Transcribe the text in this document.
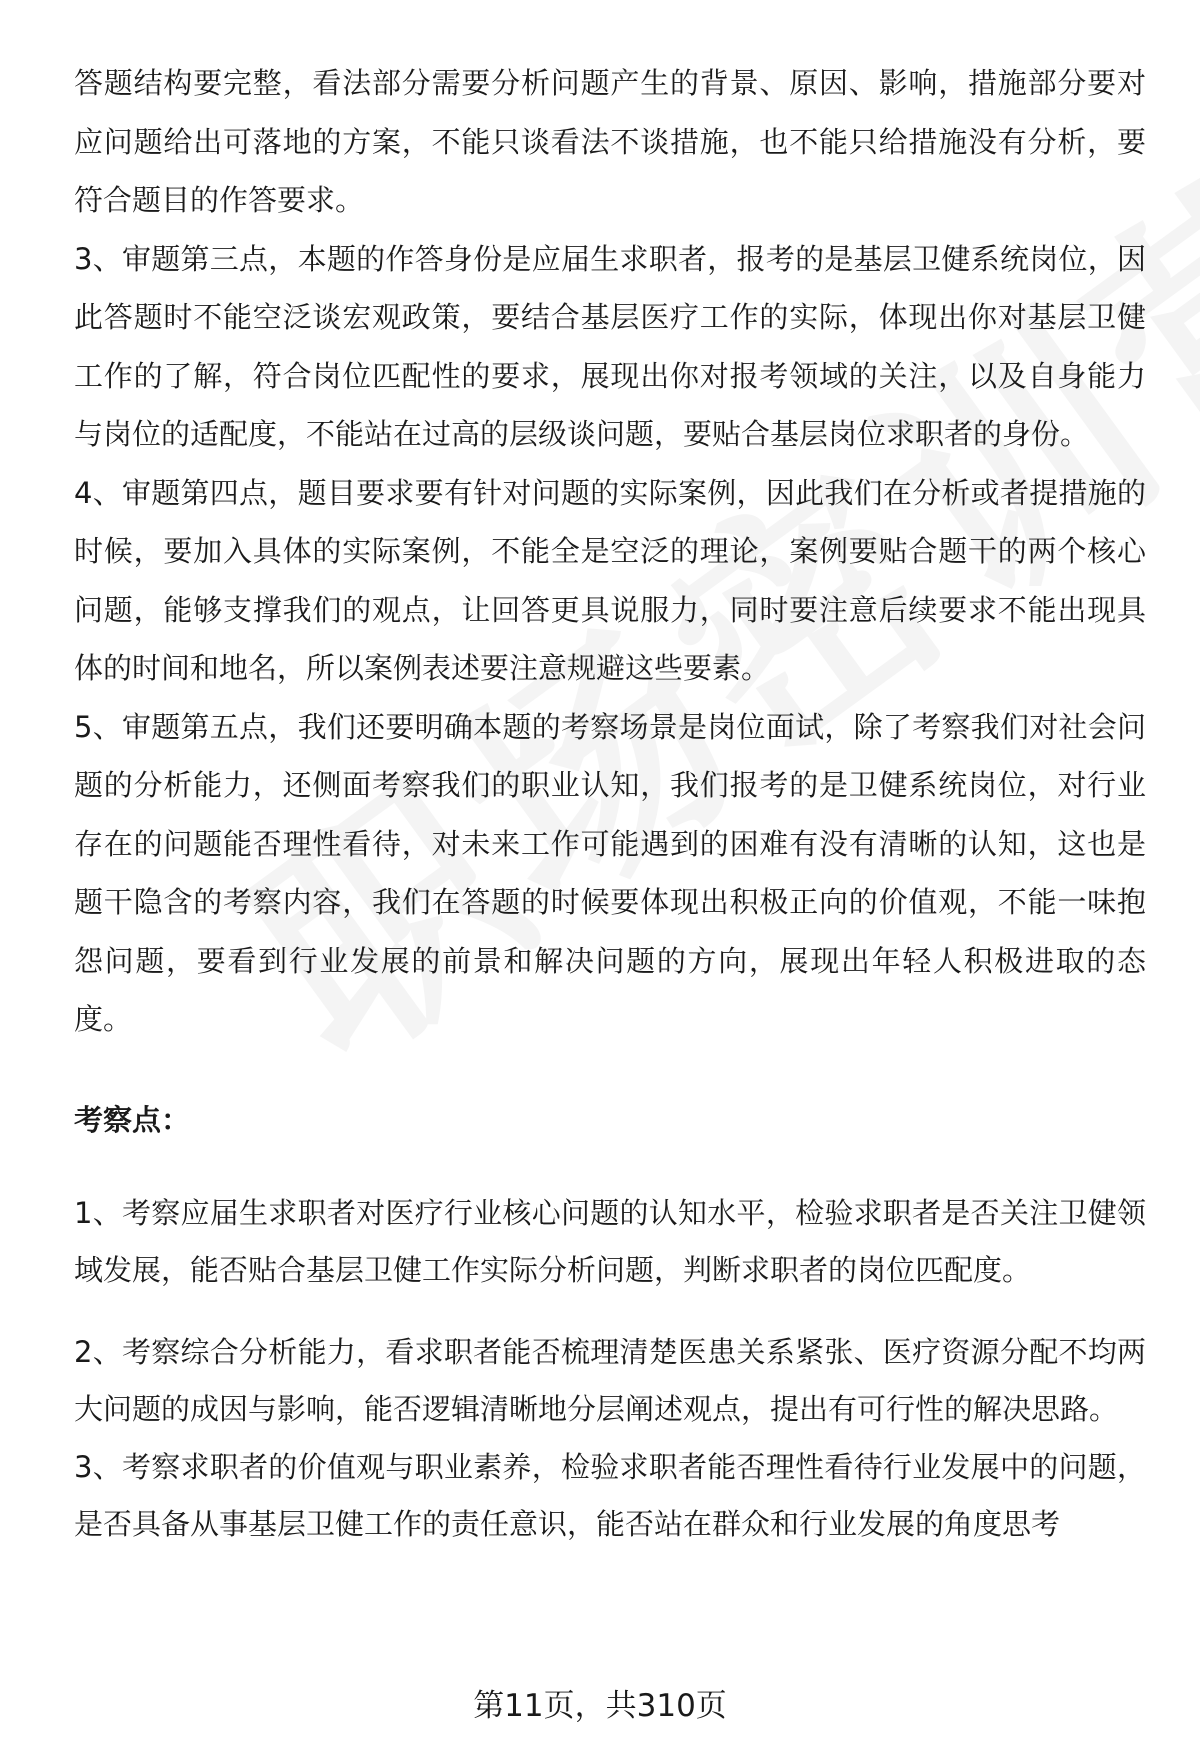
答题结构要完整，看法部分需要分析问题产生的背景、原因、影响，措施部分要对应问题给出可落地的方案，不能只谈看法不谈措施，也不能只给措施没有分析，要符合题目的作答要求。

3、审题第三点，本题的作答身份是应届生求职者，报考的是基层卫健系统岗位，因此答题时不能空泛谈宏观政策，要结合基层医疗工作的实际，体现出你对基层卫健工作的了解，符合岗位匹配性的要求，展现出你对报考领域的关注，以及自身能力与岗位的适配度，不能站在过高的层级谈问题，要贴合基层岗位求职者的身份。

4、审题第四点，题目要求要有针对问题的实际案例，因此我们在分析或者提措施的时候，要加入具体的实际案例，不能全是空泛的理论，案例要贴合题干的两个核心问题，能够支撑我们的观点，让回答更具说服力，同时要注意后续要求不能出现具体的时间和地名，所以案例表述要注意规避这些要素。

5、审题第五点，我们还要明确本题的考察场景是岗位面试，除了考察我们对社会问题的分析能力，还侧面考察我们的职业认知，我们报考的是卫健系统岗位，对行业存在的问题能否理性看待，对未来工作可能遇到的困难有没有清晰的认知，这也是题干隐含的考察内容，我们在答题的时候要体现出积极正向的价值观，不能一味抱怨问题，要看到行业发展的前景和解决问题的方向，展现出年轻人积极进取的态度。

考察点：

1、考察应届生求职者对医疗行业核心问题的认知水平，检验求职者是否关注卫健领域发展，能否贴合基层卫健工作实际分析问题，判断求职者的岗位匹配度。

2、考察综合分析能力，看求职者能否梳理清楚医患关系紧张、医疗资源分配不均两大问题的成因与影响，能否逻辑清晰地分层阐述观点，提出有可行性的解决思路。

3、考察求职者的价值观与职业素养，检验求职者能否理性看待行业发展中的问题，是否具备从事基层卫健工作的责任意识，能否站在群众和行业发展的角度思考

第11页，共310页
